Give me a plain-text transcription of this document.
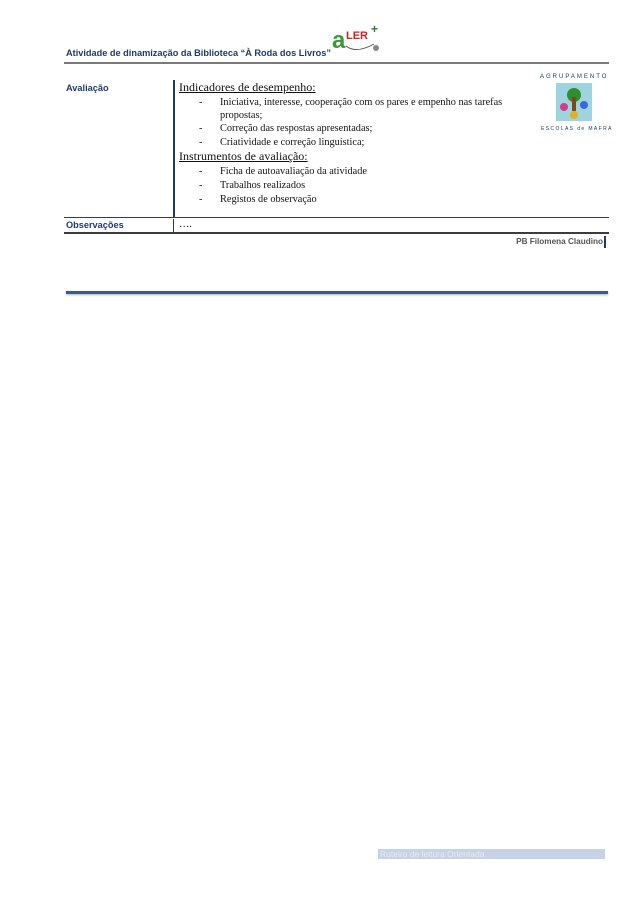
Atividade de dinamização da Biblioteca “À Roda dos Livros” a LER +
AGRUPAMENTO
ESCOLAS de MAFRA
Avaliação	Indicadores de desempenho:
- Iniciativa, interesse, cooperação com os pares e empenho nas tarefas
propostas;
- Correção das respostas apresentadas;
- Criatividade e correção linguística;
Instrumentos de avaliação:
- Ficha de autoavaliação da atividade
- Trabalhos realizados
- Registos de observação
Observações	….
PB Filomena Claudino
Roteiro de leitura Orientada
